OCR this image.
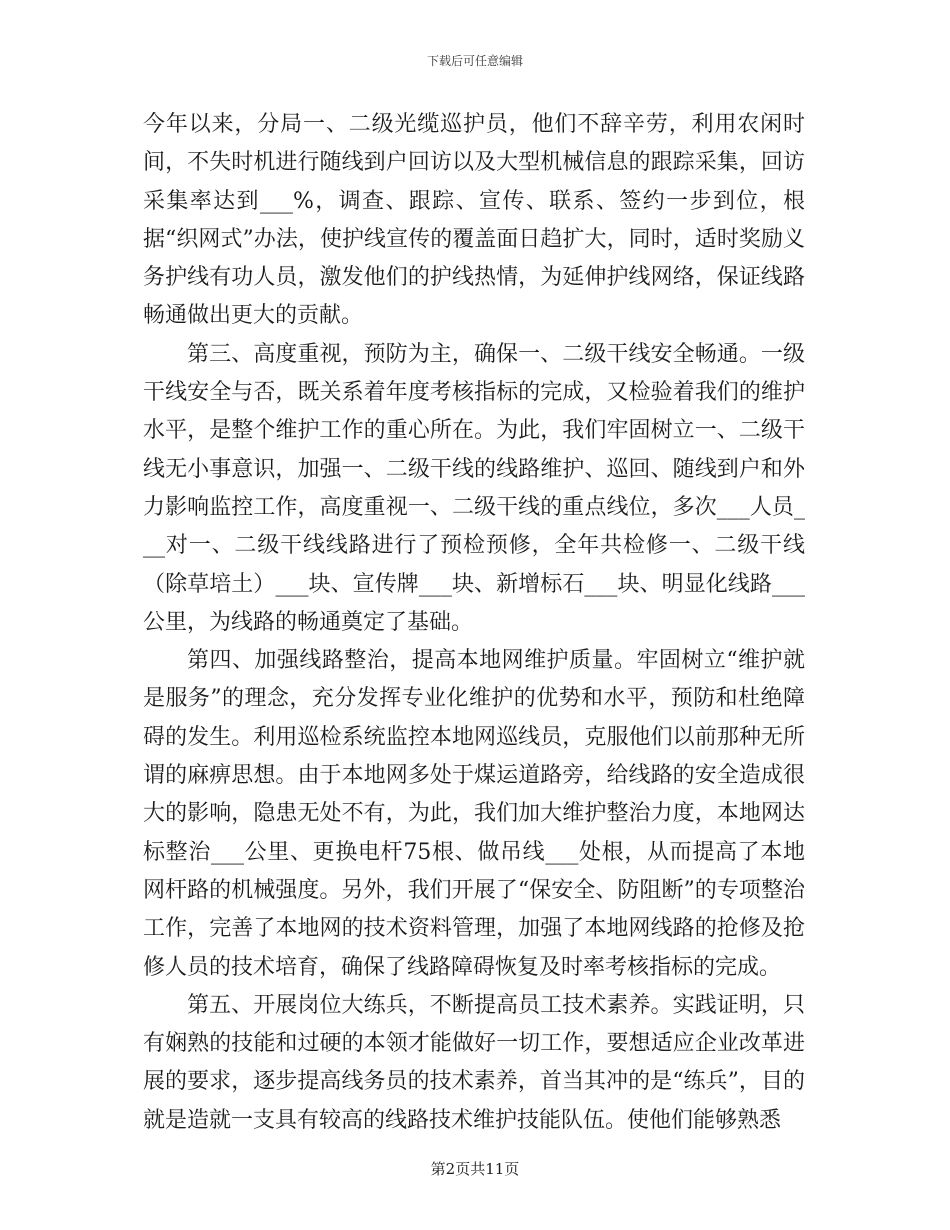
下载后可任意编辑

今年以来，分局一、二级光缆巡护员，他们不辞辛劳，利用农闲时间，不失时机进行随线到户回访以及大型机械信息的跟踪采集，回访采集率达到___%，调查、跟踪、宣传、联系、签约一步到位，根据“织网式”办法，使护线宣传的覆盖面日趋扩大，同时，适时奖励义务护线有功人员，激发他们的护线热情，为延伸护线网络，保证线路畅通做出更大的贡献。

第三、高度重视，预防为主，确保一、二级干线安全畅通。一级干线安全与否，既关系着年度考核指标的完成，又检验着我们的维护水平，是整个维护工作的重心所在。为此，我们牢固树立一、二级干线无小事意识，加强一、二级干线的线路维护、巡回、随线到户和外力影响监控工作，高度重视一、二级干线的重点线位，多次___人员___对一、二级干线线路进行了预检预修，全年共检修一、二级干线（除草培土）___块、宣传牌___块、新增标石___块、明显化线路___公里，为线路的畅通奠定了基础。

第四、加强线路整治，提高本地网维护质量。牢固树立“维护就是服务”的理念，充分发挥专业化维护的优势和水平，预防和杜绝障碍的发生。利用巡检系统监控本地网巡线员，克服他们以前那种无所谓的麻痹思想。由于本地网多处于煤运道路旁，给线路的安全造成很大的影响，隐患无处不有，为此，我们加大维护整治力度，本地网达标整治___公里、更换电杆75根、做吊线___处根，从而提高了本地网杆路的机械强度。另外，我们开展了“保安全、防阻断”的专项整治工作，完善了本地网的技术资料管理，加强了本地网线路的抢修及抢修人员的技术培育，确保了线路障碍恢复及时率考核指标的完成。

第五、开展岗位大练兵，不断提高员工技术素养。实践证明，只有娴熟的技能和过硬的本领才能做好一切工作，要想适应企业改革进展的要求，逐步提高线务员的技术素养，首当其冲的是“练兵”，目的就是造就一支具有较高的线路技术维护技能队伍。使他们能够熟悉

第2页共11页
